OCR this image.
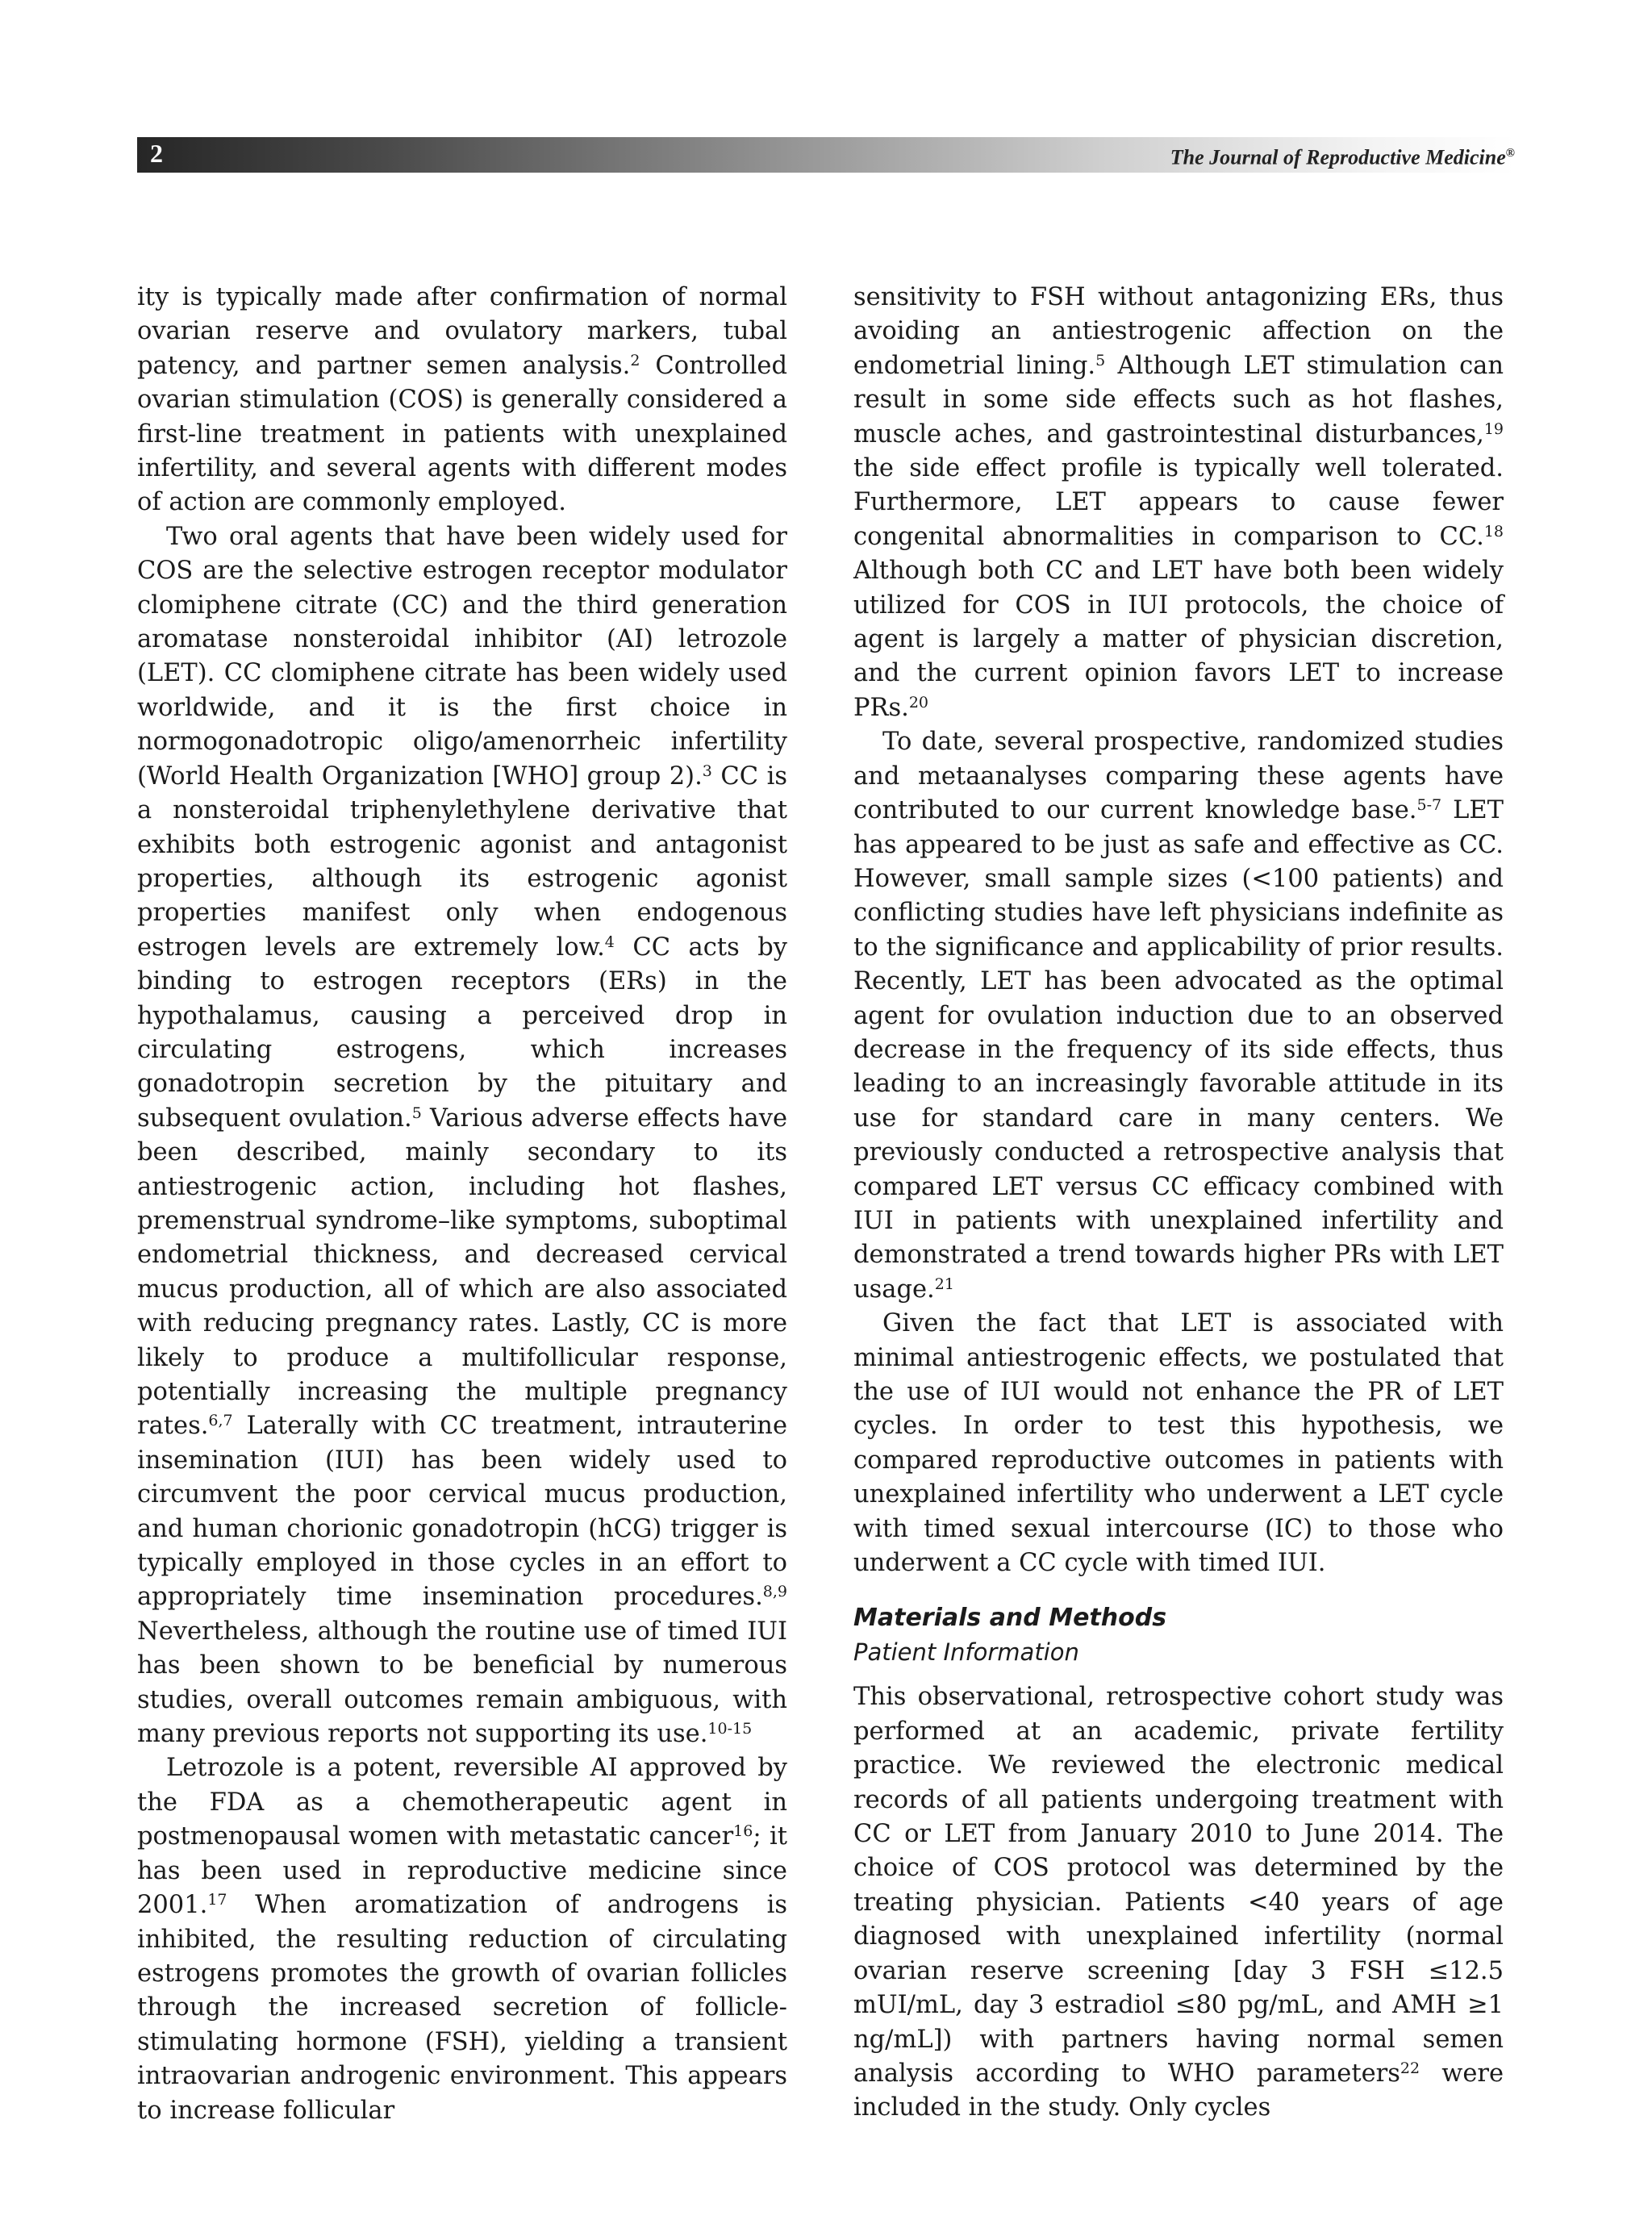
2	The Journal of Reproductive Medicine®

ity is typically made after confirmation of normal ovarian reserve and ovulatory markers, tubal patency, and partner semen analysis.$^2$ Controlled ovarian stimulation (COS) is generally considered a first-line treatment in patients with unexplained infertility, and several agents with different modes of action are commonly employed.

Two oral agents that have been widely used for COS are the selective estrogen receptor modulator clomiphene citrate (CC) and the third generation aromatase nonsteroidal inhibitor (AI) letrozole (LET). CC clomiphene citrate has been widely used worldwide, and it is the first choice in normogonadotropic oligo/amenorrheic infertility (World Health Organization [WHO] group 2).$^3$ CC is a nonsteroidal triphenylethylene derivative that exhibits both estrogenic agonist and antagonist properties, although its estrogenic agonist properties manifest only when endogenous estrogen levels are extremely low.$^4$ CC acts by binding to estrogen receptors (ERs) in the hypothalamus, causing a perceived drop in circulating estrogens, which increases gonadotropin secretion by the pituitary and subsequent ovulation.$^5$ Various adverse effects have been described, mainly secondary to its antiestrogenic action, including hot flashes, premenstrual syndrome–like symptoms, suboptimal endometrial thickness, and decreased cervical mucus production, all of which are also associated with reducing pregnancy rates. Lastly, CC is more likely to produce a multifollicular response, potentially increasing the multiple pregnancy rates.$^{6,7}$ Laterally with CC treatment, intrauterine insemination (IUI) has been widely used to circumvent the poor cervical mucus production, and human chorionic gonadotropin (hCG) trigger is typically employed in those cycles in an effort to appropriately time insemination procedures.$^{8,9}$ Nevertheless, although the routine use of timed IUI has been shown to be beneficial by numerous studies, overall outcomes remain ambiguous, with many previous reports not supporting its use.$^{10-15}$

Letrozole is a potent, reversible AI approved by the FDA as a chemotherapeutic agent in postmenopausal women with metastatic cancer$^{16}$; it has been used in reproductive medicine since 2001.17 When aromatization of androgens is inhibited, the resulting reduction of circulating estrogens promotes the growth of ovarian follicles through the increased secretion of follicle-stimulating hormone (FSH), yielding a transient intraovarian androgenic environment. This appears to increase follicular

sensitivity to FSH without antagonizing ERs, thus avoiding an antiestrogenic affection on the endometrial lining.$^5$ Although LET stimulation can result in some side effects such as hot flashes, muscle aches, and gastrointestinal disturbances,$^{19}$ the side effect profile is typically well tolerated. Furthermore, LET appears to cause fewer congenital abnormalities in comparison to CC.$^{18}$ Although both CC and LET have both been widely utilized for COS in IUI protocols, the choice of agent is largely a matter of physician discretion, and the current opinion favors LET to increase PRs.$^{20}$

To date, several prospective, randomized studies and metaanalyses comparing these agents have contributed to our current knowledge base.$^{5-7}$ LET has appeared to be just as safe and effective as CC. However, small sample sizes (<100 patients) and conflicting studies have left physicians indefinite as to the significance and applicability of prior results. Recently, LET has been advocated as the optimal agent for ovulation induction due to an observed decrease in the frequency of its side effects, thus leading to an increasingly favorable attitude in its use for standard care in many centers. We previously conducted a retrospective analysis that compared LET versus CC efficacy combined with IUI in patients with unexplained infertility and demonstrated a trend towards higher PRs with LET usage.$^{21}$

Given the fact that LET is associated with minimal antiestrogenic effects, we postulated that the use of IUI would not enhance the PR of LET cycles. In order to test this hypothesis, we compared reproductive outcomes in patients with unexplained infertility who underwent a LET cycle with timed sexual intercourse (IC) to those who underwent a CC cycle with timed IUI.

Materials and Methods
Patient Information

This observational, retrospective cohort study was performed at an academic, private fertility practice. We reviewed the electronic medical records of all patients undergoing treatment with CC or LET from January 2010 to June 2014. The choice of COS protocol was determined by the treating physician. Patients <40 years of age diagnosed with unexplained infertility (normal ovarian reserve screening [day 3 FSH ≤12.5 mUI/mL, day 3 estradiol ≤80 pg/mL, and AMH ≥1 ng/mL]) with partners having normal semen analysis according to WHO parameters$^{22}$ were included in the study. Only cycles
